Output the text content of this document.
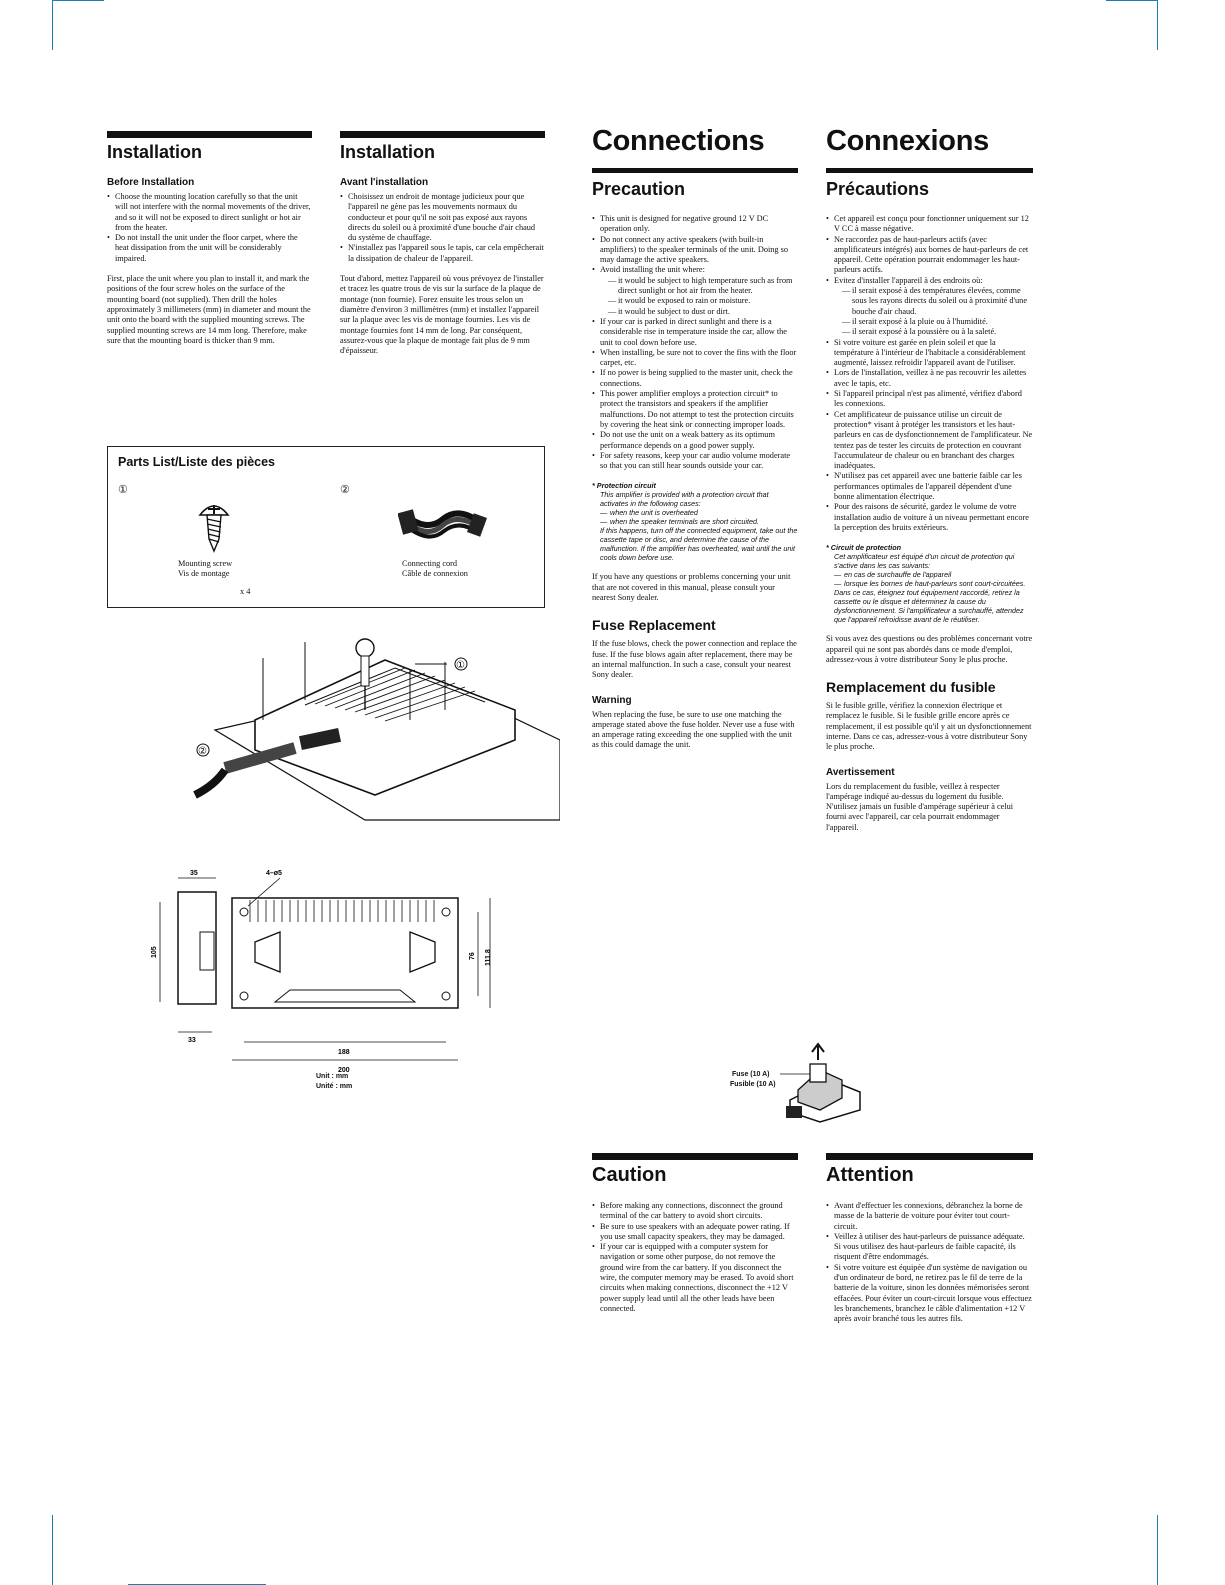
Installation
Before Installation
• Choose the mounting location carefully so that the unit will not interfere with the normal movements of the driver, and so it will not be exposed to direct sunlight or hot air from the heater.
• Do not install the unit under the floor carpet, where the heat dissipation from the unit will be considerably impaired.

First, place the unit where you plan to install it, and mark the positions of the four screw holes on the surface of the mounting board (not supplied). Then drill the holes approximately 3 millimeters (mm) in diameter and mount the unit onto the board with the supplied mounting screws. The supplied mounting screws are 14 mm long. Therefore, make sure that the mounting board is thicker than 9 mm.

Installation
Avant l'installation
• Choisissez un endroit de montage judicieux pour que l'appareil ne gène pas les mouvements normaux du conducteur et pour qu'il ne soit pas exposé aux rayons directs du soleil ou à proximité d'une bouche d'air chaud du système de chauffage.
• N'installez pas l'appareil sous le tapis, car cela empêcherait la dissipation de chaleur de l'appareil.

Tout d'abord, mettez l'appareil où vous prévoyez de l'installer et tracez les quatre trous de vis sur la surface de la plaque de montage (non fournie). Forez ensuite les trous selon un diamètre d'environ 3 millimètres (mm) et installez l'appareil sur la plaque avec les vis de montage fournies. Les vis de montage fournies font 14 mm de long. Par conséquent, assurez-vous que la plaque de montage fait plus de 9 mm d'épaisseur.

Parts List/Liste des pièces
①	②
Mounting screw
Vis de montage
x 4
Connecting cord
Câble de connexion
①
②
35	4–ø5
105
33
76 111.8
188
200
Unit : mm
Unité : mm
Connections
Precaution
• This unit is designed for negative ground 12 V DC operation only.
• Do not connect any active speakers (with built-in amplifiers) to the speaker terminals of the unit. Doing so may damage the active speakers.
• Avoid installing the unit where:
— it would be subject to high temperature such as from direct sunlight or hot air from the heater.
— it would be exposed to rain or moisture.
— it would be subject to dust or dirt.
• If your car is parked in direct sunlight and there is a considerable rise in temperature inside the car, allow the unit to cool down before use.
• When installing, be sure not to cover the fins with the floor carpet, etc.
• If no power is being supplied to the master unit, check the connections.
• This power amplifier employs a protection circuit* to protect the transistors and speakers if the amplifier malfunctions. Do not attempt to test the protection circuits by covering the heat sink or connecting improper loads.
• Do not use the unit on a weak battery as its optimum performance depends on a good power supply.
• For safety reasons, keep your car audio volume moderate so that you can still hear sounds outside your car.
* Protection circuit
This amplifier is provided with a protection circuit that activates in the following cases:
— when the unit is overheated
— when the speaker terminals are short circuited.
If this happens, turn off the connected equipment, take out the cassette tape or disc, and determine the cause of the malfunction. If the amplifier has overheated, wait until the unit cools down before use.

If you have any questions or problems concerning your unit that are not covered in this manual, please consult your nearest Sony dealer.

Fuse Replacement

If the fuse blows, check the power connection and replace the fuse. If the fuse blows again after replacement, there may be an internal malfunction. In such a case, consult your nearest Sony dealer.

Warning

When replacing the fuse, be sure to use one matching the amperage stated above the fuse holder. Never use a fuse with an amperage rating exceeding the one supplied with the unit as this could damage the unit.

Connexions
Précautions
• Cet appareil est conçu pour fonctionner uniquement sur 12 V CC à masse négative.
• Ne raccordez pas de haut-parleurs actifs (avec amplificateurs intégrés) aux bornes de haut-parleurs de cet appareil. Cette opération pourrait endommager les haut-parleurs actifs.
• Evitez d'installer l'appareil à des endroits où:
— il serait exposé à des températures élevées, comme sous les rayons directs du soleil ou à proximité d'une bouche d'air chaud.
— il serait exposé à la pluie ou à l'humidité.
— il serait exposé à la poussière ou à la saleté.
• Si votre voiture est garée en plein soleil et que la température à l'intérieur de l'habitacle a considérablement augmenté, laissez refroidir l'appareil avant de l'utiliser.
• Lors de l'installation, veillez à ne pas recouvrir les ailettes avec le tapis, etc.
• Si l'appareil principal n'est pas alimenté, vérifiez d'abord les connexions.
• Cet amplificateur de puissance utilise un circuit de protection* visant à protéger les transistors et les haut-parleurs en cas de dysfonctionnement de l'amplificateur. Ne tentez pas de tester les circuits de protection en couvrant l'accumulateur de chaleur ou en branchant des charges inadéquates.
• N'utilisez pas cet appareil avec une batterie faible car les performances optimales de l'appareil dépendent d'une bonne alimentation électrique.
• Pour des raisons de sécurité, gardez le volume de votre installation audio de voiture à un niveau permettant encore la perception des bruits extérieurs.
* Circuit de protection
Cet amplificateur est équipé d'un circuit de protection qui s'active dans les cas suivants:
— en cas de surchauffe de l'appareil
— lorsque les bornes de haut-parleurs sont court-circuitées.
Dans ce cas, éteignez tout équipement raccordé, retirez la cassette ou le disque et déterminez la cause du dysfonctionnement. Si l'amplificateur a surchauffé, attendez que l'appareil refroidisse avant de le réutiliser.

Si vous avez des questions ou des problèmes concernant votre appareil qui ne sont pas abordés dans ce mode d'emploi, adressez-vous à votre distributeur Sony le plus proche.

Remplacement du fusible

Si le fusible grille, vérifiez la connexion électrique et remplacez le fusible. Si le fusible grille encore après ce remplacement, il est possible qu'il y ait un dysfonctionnement interne. Dans ce cas, adressez-vous à votre distributeur Sony le plus proche.

Avertissement

Lors du remplacement du fusible, veillez à respecter l'ampérage indiqué au-dessus du logement du fusible. N'utilisez jamais un fusible d'ampérage supérieur à celui fourni avec l'appareil, car cela pourrait endommager l'appareil.

Fuse (10 A)
Fusible (10 A)
Caution
• Before making any connections, disconnect the ground terminal of the car battery to avoid short circuits.
• Be sure to use speakers with an adequate power rating. If you use small capacity speakers, they may be damaged.
• If your car is equipped with a computer system for navigation or some other purpose, do not remove the ground wire from the car battery. If you disconnect the wire, the computer memory may be erased. To avoid short circuits when making connections, disconnect the +12 V power supply lead until all the other leads have been connected.
Attention
• Avant d'effectuer les connexions, débranchez la borne de masse de la batterie de voiture pour éviter tout court-circuit.
• Veillez à utiliser des haut-parleurs de puissance adéquate. Si vous utilisez des haut-parleurs de faible capacité, ils risquent d'être endommagés.
• Si votre voiture est équipée d'un système de navigation ou d'un ordinateur de bord, ne retirez pas le fil de terre de la batterie de la voiture, sinon les données mémorisées seront effacées. Pour éviter un court-circuit lorsque vous effectuez les branchements, branchez le câble d'alimentation +12 V après avoir branché tous les autres fils.
